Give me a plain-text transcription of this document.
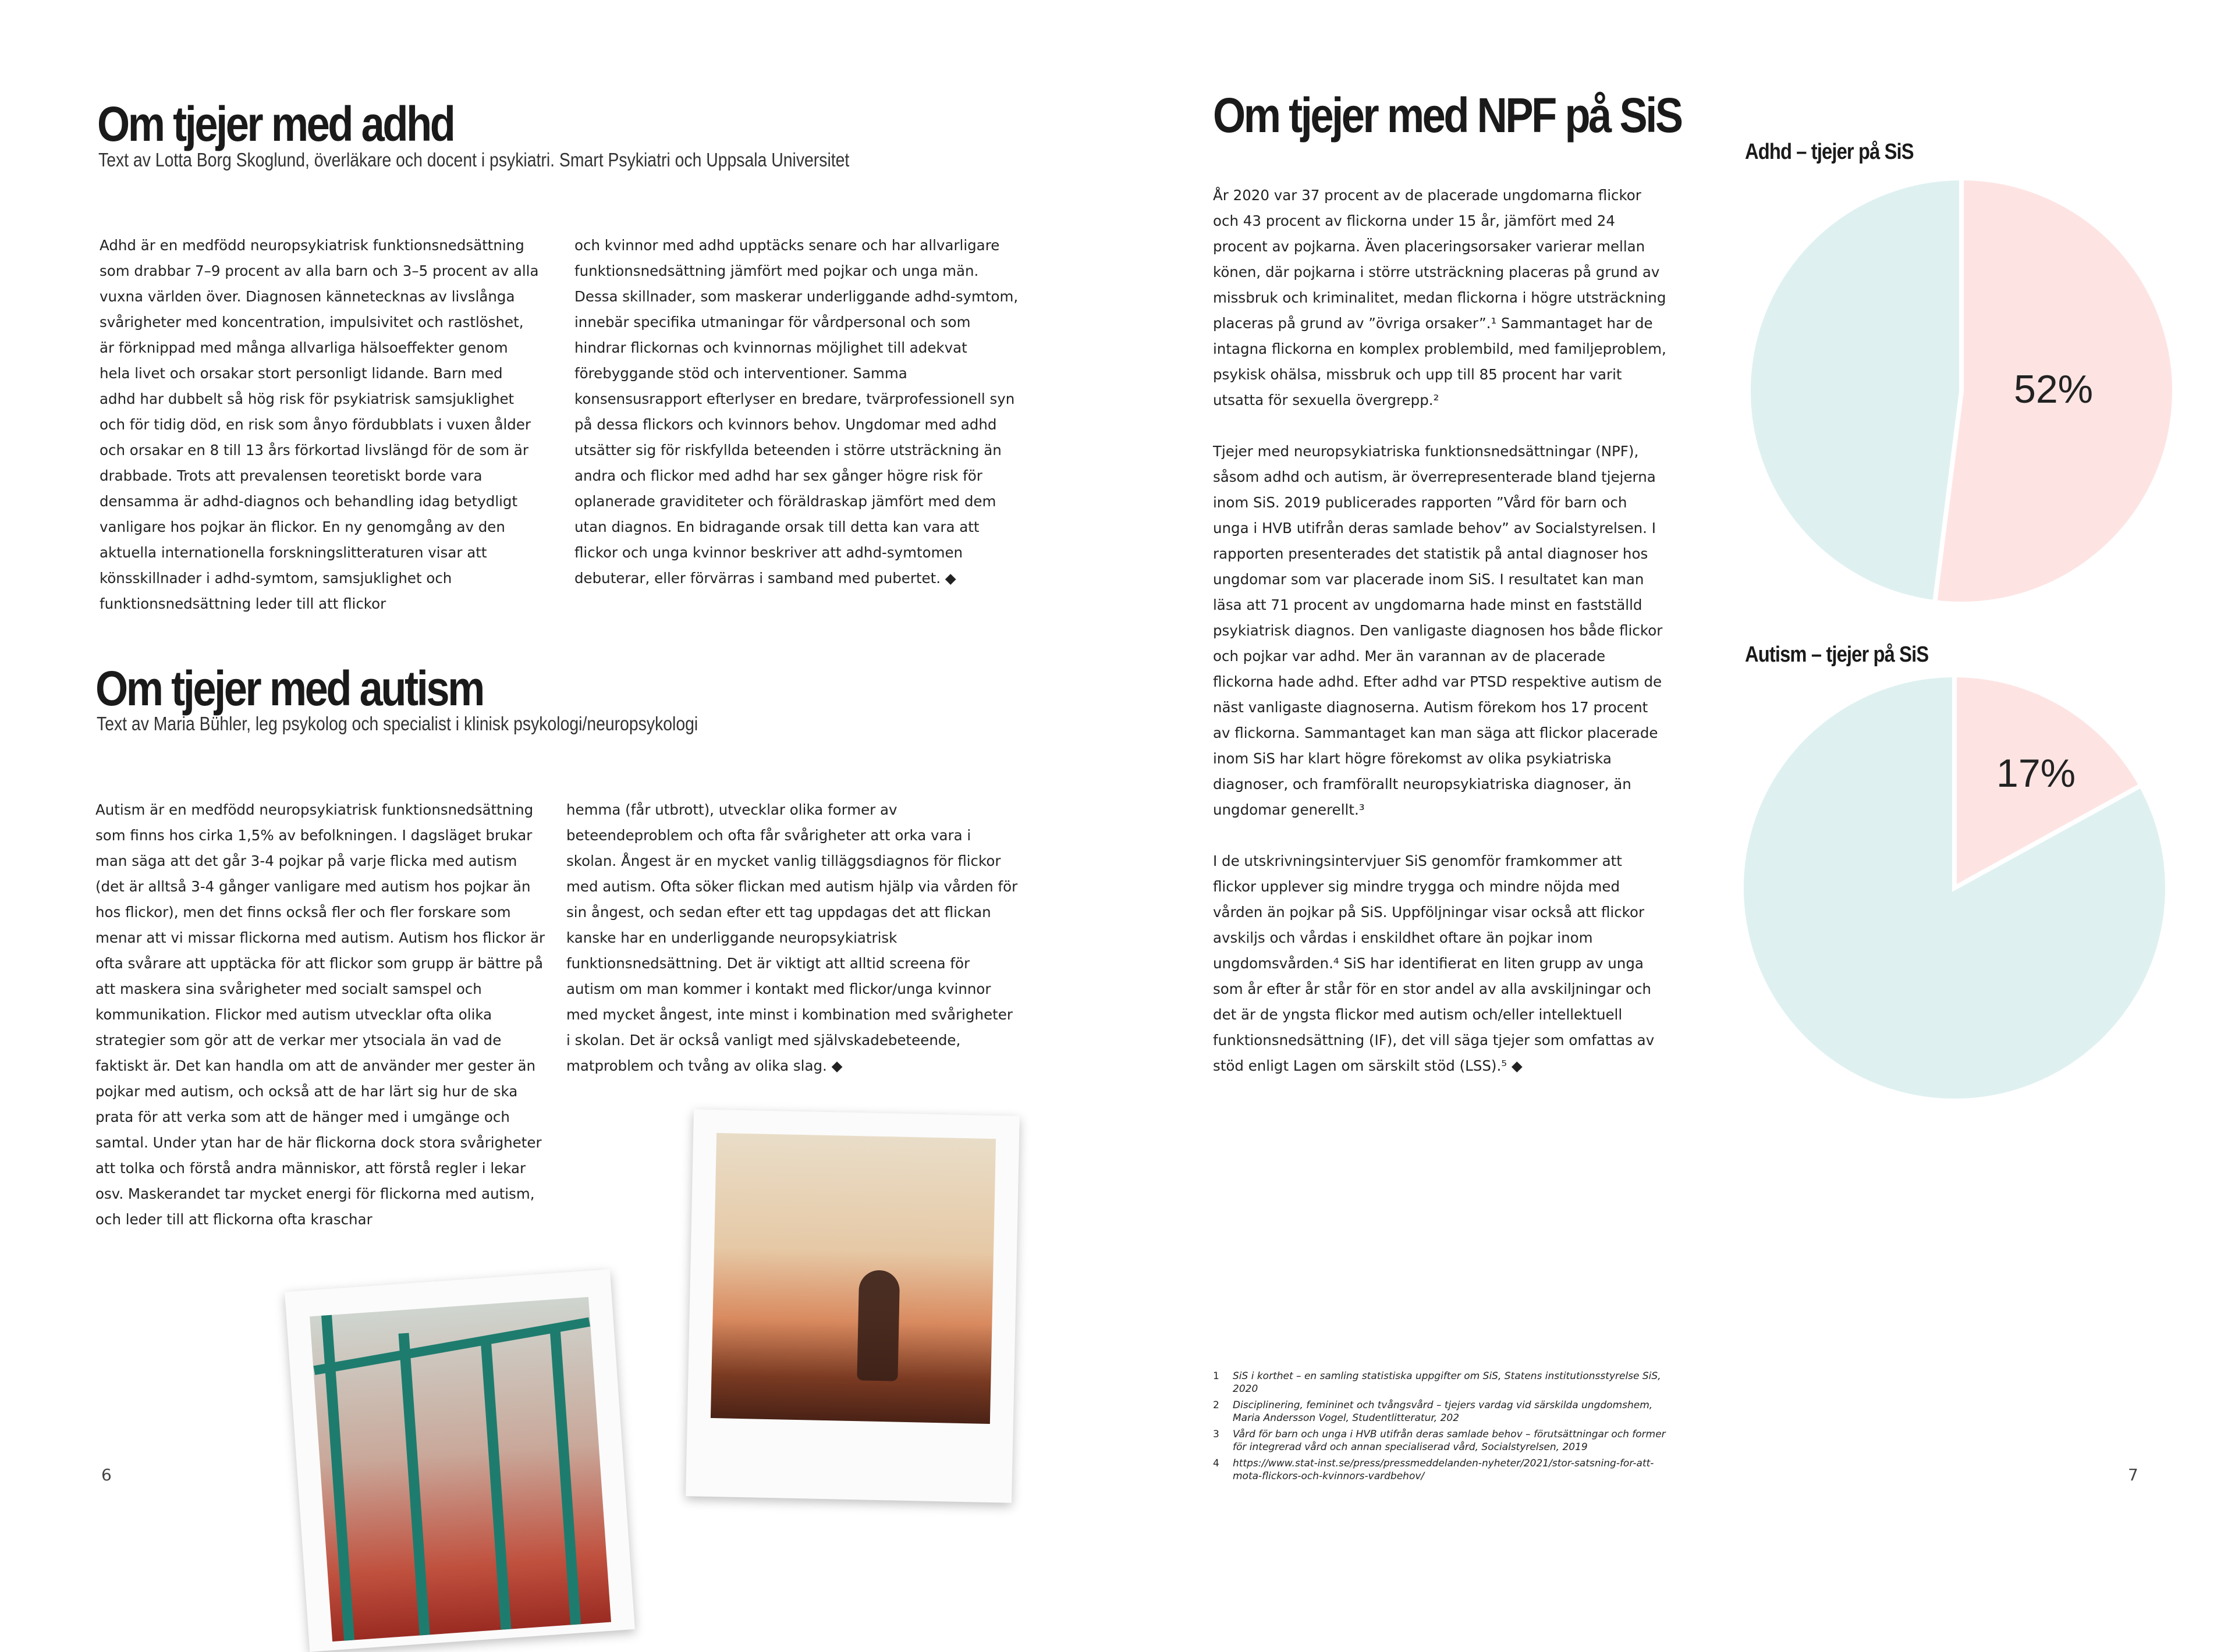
Om tjejer med adhd
Text av Lotta Borg Skoglund, överläkare och docent i psykiatri. Smart Psykiatri och Uppsala Universitet
Adhd är en medfödd neuropsykiatrisk funktionsnedsättning som drabbar 7–9 procent av alla barn och 3–5 procent av alla vuxna världen över. Diagnosen kännetecknas av livslånga svårigheter med koncentration, impulsivitet och rastlöshet, är förknippad med många allvarliga hälsoeffekter genom hela livet och orsakar stort personligt lidande. Barn med adhd har dubbelt så hög risk för psykiatrisk samsjuklighet och för tidig död, en risk som ånyo fördubblats i vuxen ålder och orsakar en 8 till 13 års förkortad livslängd för de som är drabbade. Trots att prevalensen teoretiskt borde vara densamma är adhd-diagnos och behandling idag betydligt vanligare hos pojkar än flickor. En ny genomgång av den aktuella internationella forskningslitteraturen visar att könsskillnader i adhd-symtom, samsjuklighet och funktionsnedsättning leder till att flickor
och kvinnor med adhd upptäcks senare och har allvarligare funktionsnedsättning jämfört med pojkar och unga män. Dessa skillnader, som maskerar underliggande adhd-symtom, innebär specifika utmaningar för vårdpersonal och som hindrar flickornas och kvinnornas möjlighet till adekvat förebyggande stöd och interventioner. Samma konsensusrapport efterlyser en bredare, tvärprofessionell syn på dessa flickors och kvinnors behov. Ungdomar med adhd utsätter sig för riskfyllda beteenden i större utsträckning än andra och flickor med adhd har sex gånger högre risk för oplanerade graviditeter och föräldraskap jämfört med dem utan diagnos. En bidragande orsak till detta kan vara att flickor och unga kvinnor beskriver att adhd-symtomen debuterar, eller förvärras i samband med pubertet. ◆
Om tjejer med autism
Text av Maria Bühler, leg psykolog och specialist i klinisk psykologi/neuropsykologi
Autism är en medfödd neuropsykiatrisk funktionsnedsättning som finns hos cirka 1,5% av befolkningen. I dagsläget brukar man säga att det går 3-4 pojkar på varje flicka med autism (det är alltså 3-4 gånger vanligare med autism hos pojkar än hos flickor), men det finns också fler och fler forskare som menar att vi missar flickorna med autism. Autism hos flickor är ofta svårare att upptäcka för att flickor som grupp är bättre på att maskera sina svårigheter med socialt samspel och kommunikation. Flickor med autism utvecklar ofta olika strategier som gör att de verkar mer ytsociala än vad de faktiskt är. Det kan handla om att de använder mer gester än pojkar med autism, och också att de har lärt sig hur de ska prata för att verka som att de hänger med i umgänge och samtal. Under ytan har de här flickorna dock stora svårigheter att tolka och förstå andra människor, att förstå regler i lekar osv. Maskerandet tar mycket energi för flickorna med autism, och leder till att flickorna ofta kraschar
hemma (får utbrott), utvecklar olika former av beteendeproblem och ofta får svårigheter att orka vara i skolan. Ångest är en mycket vanlig tilläggsdiagnos för flickor med autism. Ofta söker flickan med autism hjälp via vården för sin ångest, och sedan efter ett tag uppdagas det att flickan kanske har en underliggande neuropsykiatrisk funktionsnedsättning. Det är viktigt att alltid screena för autism om man kommer i kontakt med flickor/unga kvinnor med mycket ångest, inte minst i kombination med svårigheter i skolan. Det är också vanligt med självskadebeteende, matproblem och tvång av olika slag. ◆
6
Om tjejer med NPF på SiS

År 2020 var 37 procent av de placerade ungdomarna flickor och 43 procent av flickorna under 15 år, jämfört med 24 procent av pojkarna. Även placeringsorsaker varierar mellan könen, där pojkarna i större utsträckning placeras på grund av missbruk och kriminalitet, medan flickorna i högre utsträckning placeras på grund av ”övriga orsaker”.¹ Sammantaget har de intagna flickorna en komplex problembild, med familjeproblem, psykisk ohälsa, missbruk och upp till 85 procent har varit utsatta för sexuella övergrepp.²

Tjejer med neuropsykiatriska funktionsnedsättningar (NPF), såsom adhd och autism, är överrepresenterade bland tjejerna inom SiS. 2019 publicerades rapporten ”Vård för barn och unga i HVB utifrån deras samlade behov” av Socialstyrelsen. I rapporten presenterades det statistik på antal diagnoser hos ungdomar som var placerade inom SiS. I resultatet kan man läsa att 71 procent av ungdomarna hade minst en fastställd psykiatrisk diagnos. Den vanligaste diagnosen hos både flickor och pojkar var adhd. Mer än varannan av de placerade flickorna hade adhd. Efter adhd var PTSD respektive autism de näst vanligaste diagnoserna. Autism förekom hos 17 procent av flickorna. Sammantaget kan man säga att flickor placerade inom SiS har klart högre förekomst av olika psykiatriska diagnoser, och framförallt neuropsykiatriska diagnoser, än ungdomar generellt.³

I de utskrivningsintervjuer SiS genomför framkommer att flickor upplever sig mindre trygga och mindre nöjda med vården än pojkar på SiS. Uppföljningar visar också att flickor avskiljs och vårdas i enskildhet oftare än pojkar inom ungdomsvården.⁴ SiS har identifierat en liten grupp av unga som år efter år står för en stor andel av alla avskiljningar och det är de yngsta flickor med autism och/eller intellektuell funktionsnedsättning (IF), det vill säga tjejer som omfattas av stöd enligt Lagen om särskilt stöd (LSS).⁵ ◆

Adhd – tjejer på SiS
52%
Autism – tjejer på SiS
17%
1	SiS i korthet – en samling statistiska uppgifter om SiS, Statens institutionsstyrelse SiS, 2020
2	Disciplinering, femininet och tvångsvård – tjejers vardag vid särskilda ungdomshem, Maria Andersson Vogel, Studentlitteratur, 202
3	Vård för barn och unga i HVB utifrån deras samlade behov – förutsättningar och former för integrerad vård och annan specialiserad vård, Socialstyrelsen, 2019
4	https://www.stat-inst.se/press/pressmeddelanden-nyheter/2021/stor-satsning-for-att-mota-flickors-och-kvinnors-vardbehov/	7
